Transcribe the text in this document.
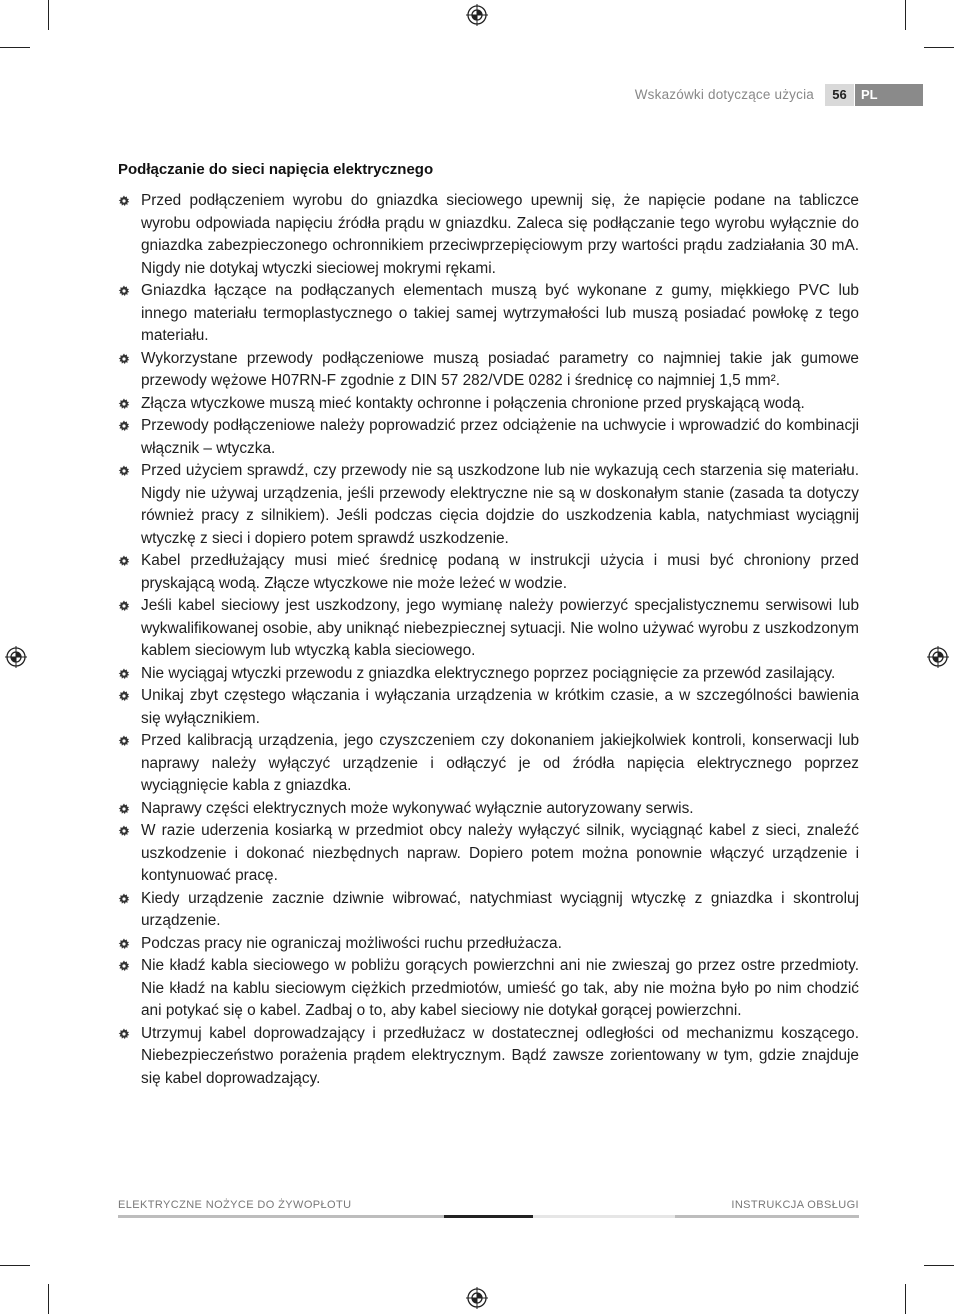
Wskazówki dotyczące użycia	56	PL
Podłączanie do sieci napięcia elektrycznego
Przed podłączeniem wyrobu do gniazdka sieciowego upewnij się, że napięcie podane na tabliczce wyrobu odpowiada napięciu źródła prądu w gniazdku. Zaleca się podłączanie tego wyrobu wyłącznie do gniazdka zabezpieczonego ochronnikiem przeciwprzepięciowym przy wartości prądu zadziałania 30 mA. Nigdy nie dotykaj wtyczki sieciowej mokrymi rękami.
Gniazdka łączące na podłączanych elementach muszą być wykonane z gumy, miękkiego PVC lub innego materiału termoplastycznego o takiej samej wytrzymałości lub muszą posiadać powłokę z tego materiału.
Wykorzystane przewody podłączeniowe muszą posiadać parametry co najmniej takie jak gumowe przewody wężowe H07RN-F zgodnie z DIN 57 282/VDE 0282 i średnicę co najmniej 1,5 mm².
Złącza wtyczkowe muszą mieć kontakty ochronne i połączenia chronione przed pryskającą wodą.
Przewody podłączeniowe należy poprowadzić przez odciążenie na uchwycie i wprowadzić do kombinacji włącznik – wtyczka.
Przed użyciem sprawdź, czy przewody nie są uszkodzone lub nie wykazują cech starzenia się materiału. Nigdy nie używaj urządzenia, jeśli przewody elektryczne nie są w doskonałym stanie (zasada ta dotyczy również pracy z silnikiem). Jeśli podczas cięcia dojdzie do uszkodzenia kabla, natychmiast wyciągnij wtyczkę z sieci i dopiero potem sprawdź uszkodzenie.
Kabel przedłużający musi mieć średnicę podaną w instrukcji użycia i musi być chroniony przed pryskającą wodą. Złącze wtyczkowe nie może leżeć w wodzie.
Jeśli kabel sieciowy jest uszkodzony, jego wymianę należy powierzyć specjalistycznemu serwisowi lub wykwalifikowanej osobie, aby uniknąć niebezpiecznej sytuacji. Nie wolno używać wyrobu z uszkodzonym kablem sieciowym lub wtyczką kabla sieciowego.
Nie wyciągaj wtyczki przewodu z gniazdka elektrycznego poprzez pociągnięcie za przewód zasilający.
Unikaj zbyt częstego włączania i wyłączania urządzenia w krótkim czasie, a w szczególności bawienia się wyłącznikiem.
Przed kalibracją urządzenia, jego czyszczeniem czy dokonaniem jakiejkolwiek kontroli, konserwacji lub naprawy należy wyłączyć urządzenie i odłączyć je od źródła napięcia elektrycznego poprzez wyciągnięcie kabla z gniazdka.
Naprawy części elektrycznych może wykonywać wyłącznie autoryzowany serwis.
W razie uderzenia kosiarką w przedmiot obcy należy wyłączyć silnik, wyciągnąć kabel z sieci, znaleźć uszkodzenie i dokonać niezbędnych napraw. Dopiero potem można ponownie włączyć urządzenie i kontynuować pracę.
Kiedy urządzenie zacznie dziwnie wibrować, natychmiast wyciągnij wtyczkę z gniazdka i skontroluj urządzenie.
Podczas pracy nie ograniczaj możliwości ruchu przedłużacza.
Nie kładź kabla sieciowego w pobliżu gorących powierzchni ani nie zwieszaj go przez ostre przedmioty. Nie kładź na kablu sieciowym ciężkich przedmiotów, umieść go tak, aby nie można było po nim chodzić ani potykać się o kabel. Zadbaj o to, aby kabel sieciowy nie dotykał gorącej powierzchni.
Utrzymuj kabel doprowadzający i przedłużacz w dostatecznej odległości od mechanizmu koszącego. Niebezpieczeństwo porażenia prądem elektrycznym. Bądź zawsze zorientowany w tym, gdzie znajduje się kabel doprowadzający.
ELEKTRYCZNE NOŻYCE DO ŻYWOPŁOTU	INSTRUKCJA OBSŁUGI
